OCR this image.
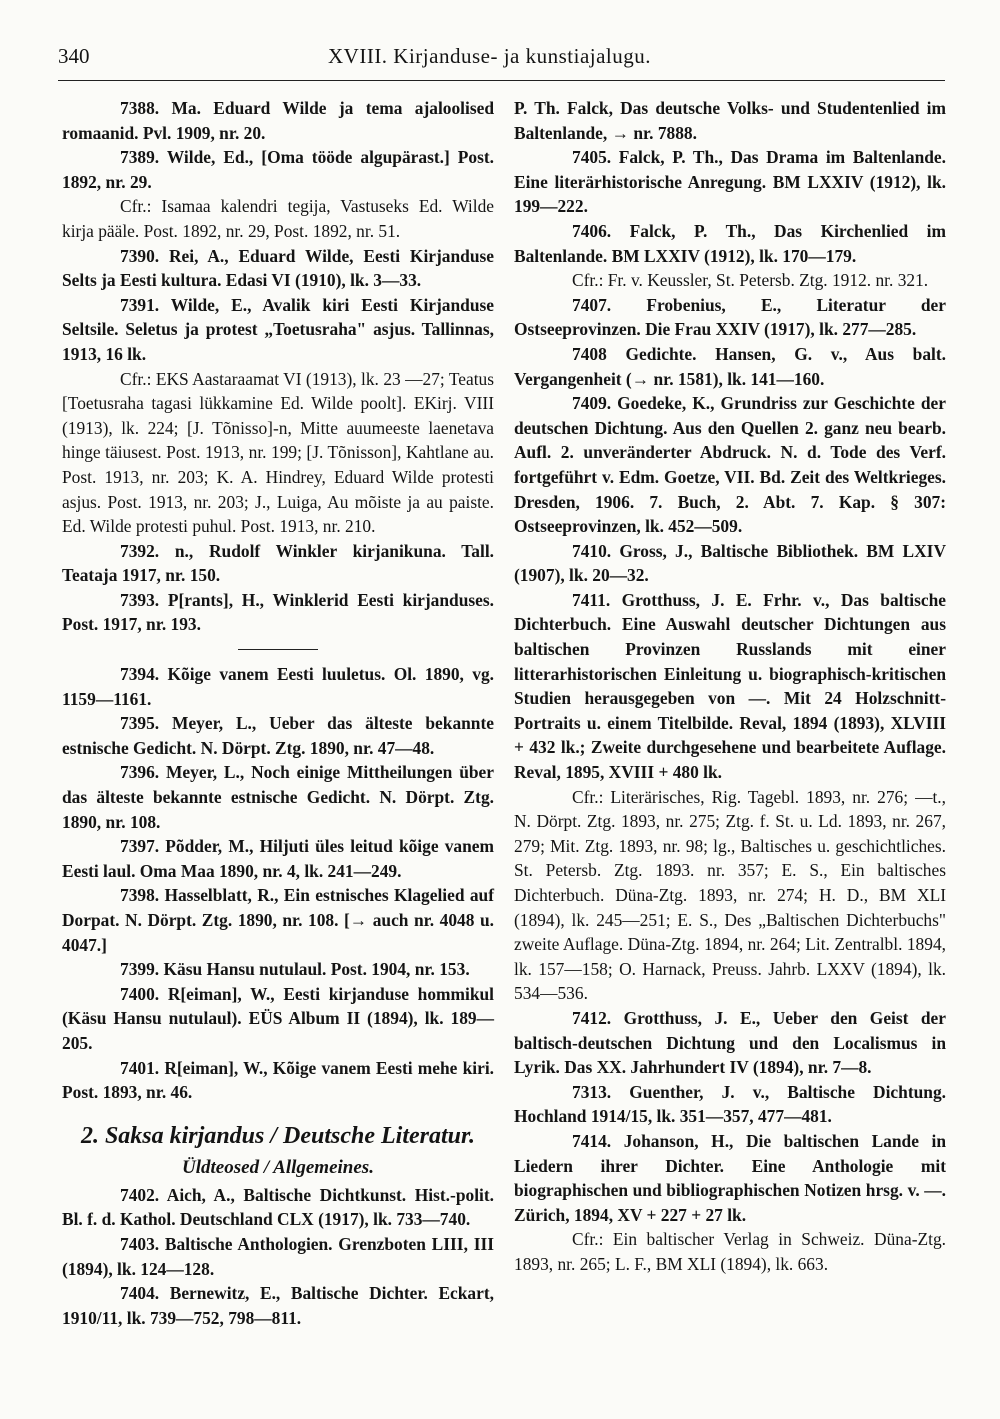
340	XVIII. Kirjanduse- ja kunstiajalugu.

7388. Ma. Eduard Wilde ja tema ajaloolised romaanid. Pvl. 1909, nr. 20.

7389. Wilde, Ed., [Oma tööde algupärast.] Post. 1892, nr. 29.

Cfr.: Isamaa kalendri tegija, Vastuseks Ed. Wilde kirja pääle. Post. 1892, nr. 29, Post. 1892, nr. 51.

7390. Rei, A., Eduard Wilde, Eesti Kirjanduse Selts ja Eesti kultura. Edasi VI (1910), lk. 3—33.

7391. Wilde, E., Avalik kiri Eesti Kirjanduse Seltsile. Seletus ja protest „Toetusraha" asjus. Tallinnas, 1913, 16 lk.

Cfr.: EKS Aastaraamat VI (1913), lk. 23 —27; Teatus [Toetusraha tagasi lükkamine Ed. Wilde poolt]. EKirj. VIII (1913), lk. 224; [J. Tõnisso]-n, Mitte auumeeste laenetava hinge täiusest. Post. 1913, nr. 199; [J. Tõnisson], Kahtlane au. Post. 1913, nr. 203; K. A. Hindrey, Eduard Wilde protesti asjus. Post. 1913, nr. 203; J., Luiga, Au mõiste ja au paiste. Ed. Wilde protesti puhul. Post. 1913, nr. 210.

7392. n., Rudolf Winkler kirjanikuna. Tall. Teataja 1917, nr. 150.

7393. P[rants], H., Winklerid Eesti kirjanduses. Post. 1917, nr. 193.

7394. Kõige vanem Eesti luuletus. Ol. 1890, vg. 1159—1161.

7395. Meyer, L., Ueber das älteste bekannte estnische Gedicht. N. Dörpt. Ztg. 1890, nr. 47—48.

7396. Meyer, L., Noch einige Mittheilungen über das älteste bekannte estnische Gedicht. N. Dörpt. Ztg. 1890, nr. 108.

7397. Põdder, M., Hiljuti üles leitud kõige vanem Eesti laul. Oma Maa 1890, nr. 4, lk. 241—249.

7398. Hasselblatt, R., Ein estnisches Klagelied auf Dorpat. N. Dörpt. Ztg. 1890, nr. 108. [→ auch nr. 4048 u. 4047.]

7399. Käsu Hansu nutulaul. Post. 1904, nr. 153.

7400. R[eiman], W., Eesti kirjanduse hommikul (Käsu Hansu nutulaul). EÜS Album II (1894), lk. 189—205.

7401. R[eiman], W., Kõige vanem Eesti mehe kiri. Post. 1893, nr. 46.

2. Saksa kirjandus / Deutsche Literatur.
Üldteosed / Allgemeines.

7402. Aich, A., Baltische Dichtkunst. Hist.-polit. Bl. f. d. Kathol. Deutschland CLX (1917), lk. 733—740.

7403. Baltische Anthologien. Grenzboten LIII, III (1894), lk. 124—128.

7404. Bernewitz, E., Baltische Dichter. Eckart, 1910/11, lk. 739—752, 798—811.

P. Th. Falck, Das deutsche Volks- und Studentenlied im Baltenlande, → nr. 7888.

7405. Falck, P. Th., Das Drama im Baltenlande. Eine literärhistorische Anregung. BM LXXIV (1912), lk. 199—222.

7406. Falck, P. Th., Das Kirchenlied im Baltenlande. BM LXXIV (1912), lk. 170—179.

Cfr.: Fr. v. Keussler, St. Petersb. Ztg. 1912. nr. 321.

7407. Frobenius, E., Literatur der Ostseeprovinzen. Die Frau XXIV (1917), lk. 277—285.

7408 Gedichte. Hansen, G. v., Aus balt. Vergangenheit (→ nr. 1581), lk. 141—160.

7409. Goedeke, K., Grundriss zur Geschichte der deutschen Dichtung. Aus den Quellen 2. ganz neu bearb. Aufl. 2. unveränderter Abdruck. N. d. Tode des Verf. fortgeführt v. Edm. Goetze, VII. Bd. Zeit des Weltkrieges. Dresden, 1906. 7. Buch, 2. Abt. 7. Kap. § 307: Ostseeprovinzen, lk. 452—509.

7410. Gross, J., Baltische Bibliothek. BM LXIV (1907), lk. 20—32.

7411. Grotthuss, J. E. Frhr. v., Das baltische Dichterbuch. Eine Auswahl deutscher Dichtungen aus baltischen Provinzen Russlands mit einer litterarhistorischen Einleitung u. biographisch-kritischen Studien herausgegeben von —. Mit 24 Holzschnitt-Portraits u. einem Titelbilde. Reval, 1894 (1893), XLVIII + 432 lk.; Zweite durchgesehene und bearbeitete Auflage. Reval, 1895, XVIII + 480 lk.

Cfr.: Literärisches, Rig. Tagebl. 1893, nr. 276; —t., N. Dörpt. Ztg. 1893, nr. 275; Ztg. f. St. u. Ld. 1893, nr. 267, 279; Mit. Ztg. 1893, nr. 98; lg., Baltisches u. geschichtliches. St. Petersb. Ztg. 1893. nr. 357; E. S., Ein baltisches Dichterbuch. Düna-Ztg. 1893, nr. 274; H. D., BM XLI (1894), lk. 245—251; E. S., Des „Baltischen Dichterbuchs" zweite Auflage. Düna-Ztg. 1894, nr. 264; Lit. Zentralbl. 1894, lk. 157—158; O. Harnack, Preuss. Jahrb. LXXV (1894), lk. 534—536.

7412. Grotthuss, J. E., Ueber den Geist der baltisch-deutschen Dichtung und den Localismus in Lyrik. Das XX. Jahrhundert IV (1894), nr. 7—8.

7313. Guenther, J. v., Baltische Dichtung. Hochland 1914/15, lk. 351—357, 477—481.

7414. Johanson, H., Die baltischen Lande in Liedern ihrer Dichter. Eine Anthologie mit biographischen und bibliographischen Notizen hrsg. v. —. Zürich, 1894, XV + 227 + 27 lk.

Cfr.: Ein baltischer Verlag in Schweiz. Düna-Ztg. 1893, nr. 265; L. F., BM XLI (1894), lk. 663.
